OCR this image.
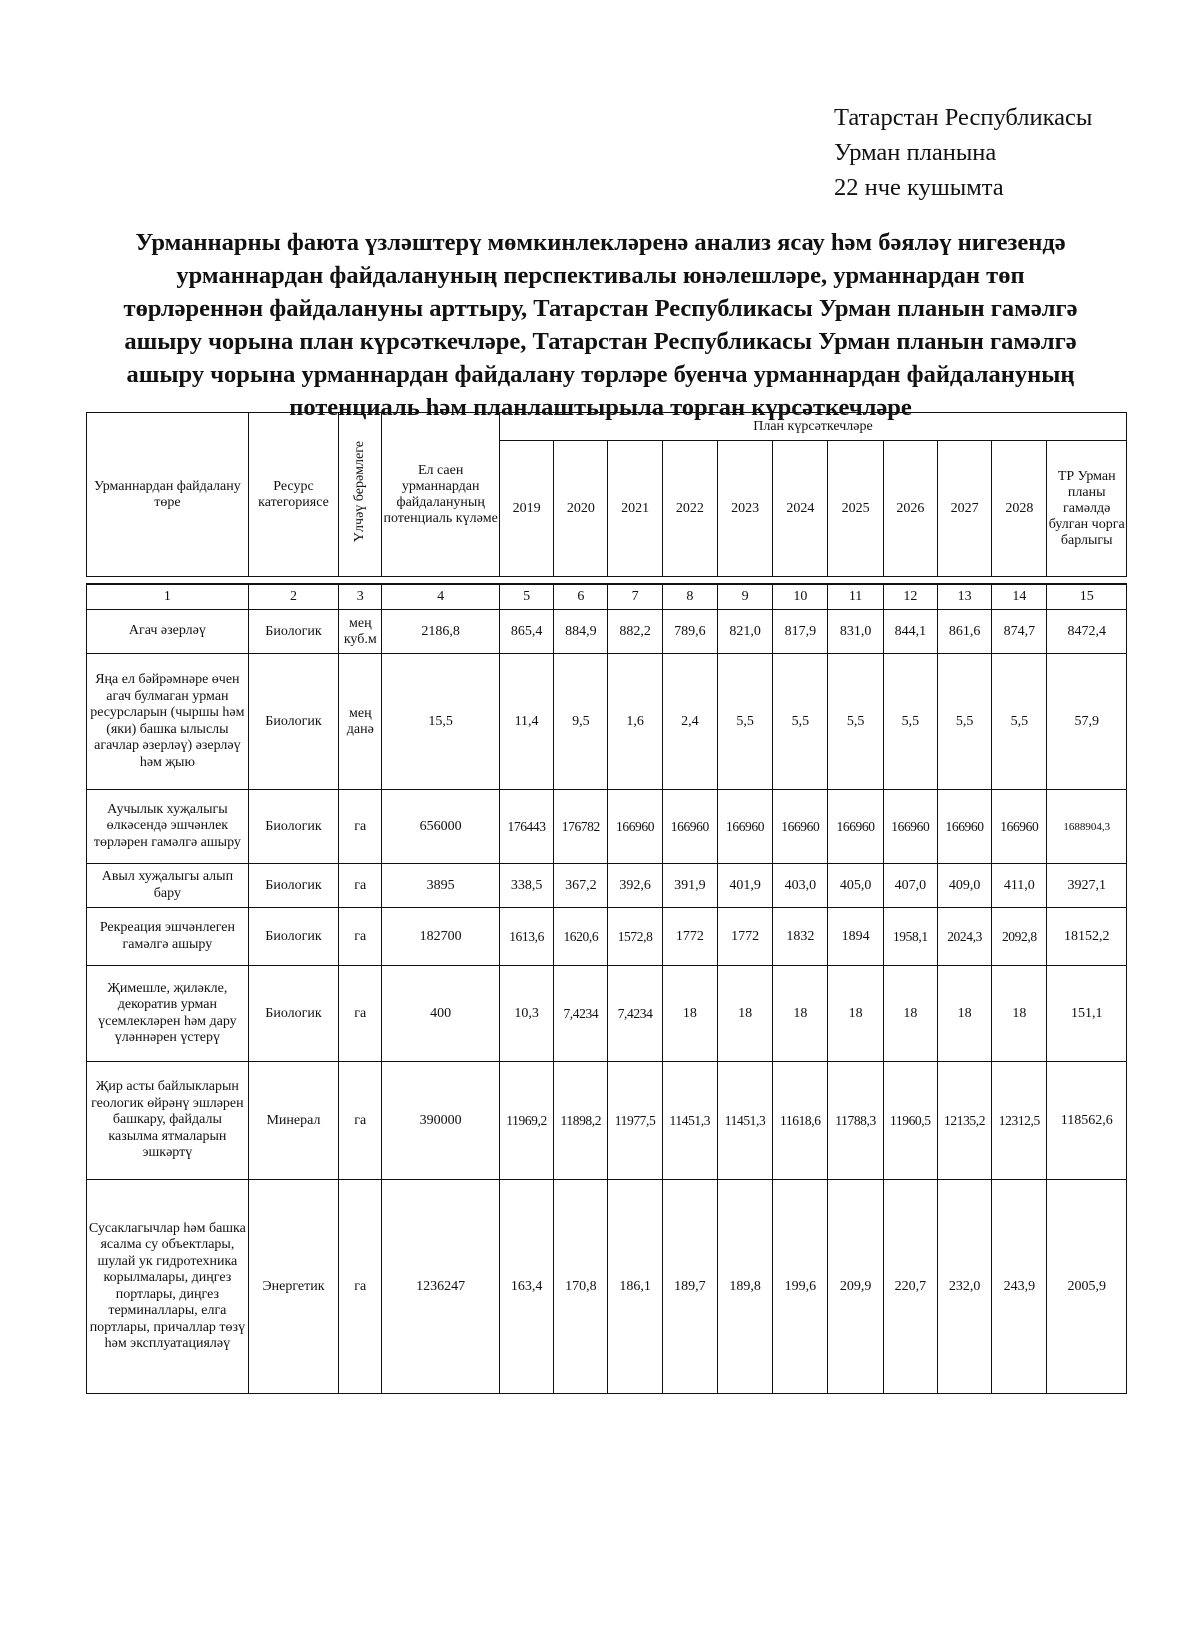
Татарстан Республикасы
Урман планына
22 нче кушымта
Урманнарны фаюта үзләштерү мөмкинлекләренә анализ ясау һәм бәяләү нигезендә
урманнардан файдалануның перспективалы юнәлешләре, урманнардан төп
төрләреннән файдалануны арттыру, Татарстан Республикасы Урман планын гамәлгә
ашыру чорына план күрсәткечләре, Татарстан Республикасы Урман планын гамәлгә
ашыру чорына урманнардан файдалану төрләре буенча урманнардан файдалануның
потенциаль һәм планлаштырыла торган күрсәткечләре
Урманнардан файдалану төре	Ресурс категориясе	Үлчәү берәмлеге	Ел саен урманнардан файдалануның потенциаль күләме	План күрсәткечләре										
				2019	2020	2021	2022	2023	2024	2025	2026	2027	2028	ТР Урман планы гамәлдә булган чорга барлыгы

1	2	3	4	5	6	7	8	9	10	11	12	13	14	15
Агач әзерләү	Биологик	мең куб.м	2186,8	865,4	884,9	882,2	789,6	821,0	817,9	831,0	844,1	861,6	874,7	8472,4
Яңа ел бәйрәмнәре өчен агач булмаган урман ресурсларын (чыршы һәм (яки) башка ылыслы агачлар әзерләү) әзерләү һәм җыю	Биологик	мең данә	15,5	11,4	9,5	1,6	2,4	5,5	5,5	5,5	5,5	5,5	5,5	57,9
Аучылык хуҗалыгы өлкәсендә эшчәнлек төрләрен гамәлгә ашыру	Биологик	га	656000	176443	176782	166960	166960	166960	166960	166960	166960	166960	166960	1688904,3
Авыл хуҗалыгы алып бару	Биологик	га	3895	338,5	367,2	392,6	391,9	401,9	403,0	405,0	407,0	409,0	411,0	3927,1
Рекреация эшчәнлеген гамәлгә ашыру	Биологик	га	182700	1613,6	1620,6	1572,8	1772	1772	1832	1894	1958,1	2024,3	2092,8	18152,2
Җимешле, җиләкле, декоратив урман үсемлекләрен һәм дару үләннәрен үстерү	Биологик	га	400	10,3	7,4234	7,4234	18	18	18	18	18	18	18	151,1
Җир асты байлыкларын геологик өйрәнү эшләрен башкару, файдалы казылма ятмаларын эшкәртү	Минерал	га	390000	11969,2	11898,2	11977,5	11451,3	11451,3	11618,6	11788,3	11960,5	12135,2	12312,5	118562,6
Сусаклагычлар һәм башка ясалма су объектлары, шулай ук гидротехника корылмалары, диңгез портлары, диңгез терминаллары, елга портлары, причаллар төзү һәм эксплуатацияләү	Энергетик	га	1236247	163,4	170,8	186,1	189,7	189,8	199,6	209,9	220,7	232,0	243,9	2005,9
